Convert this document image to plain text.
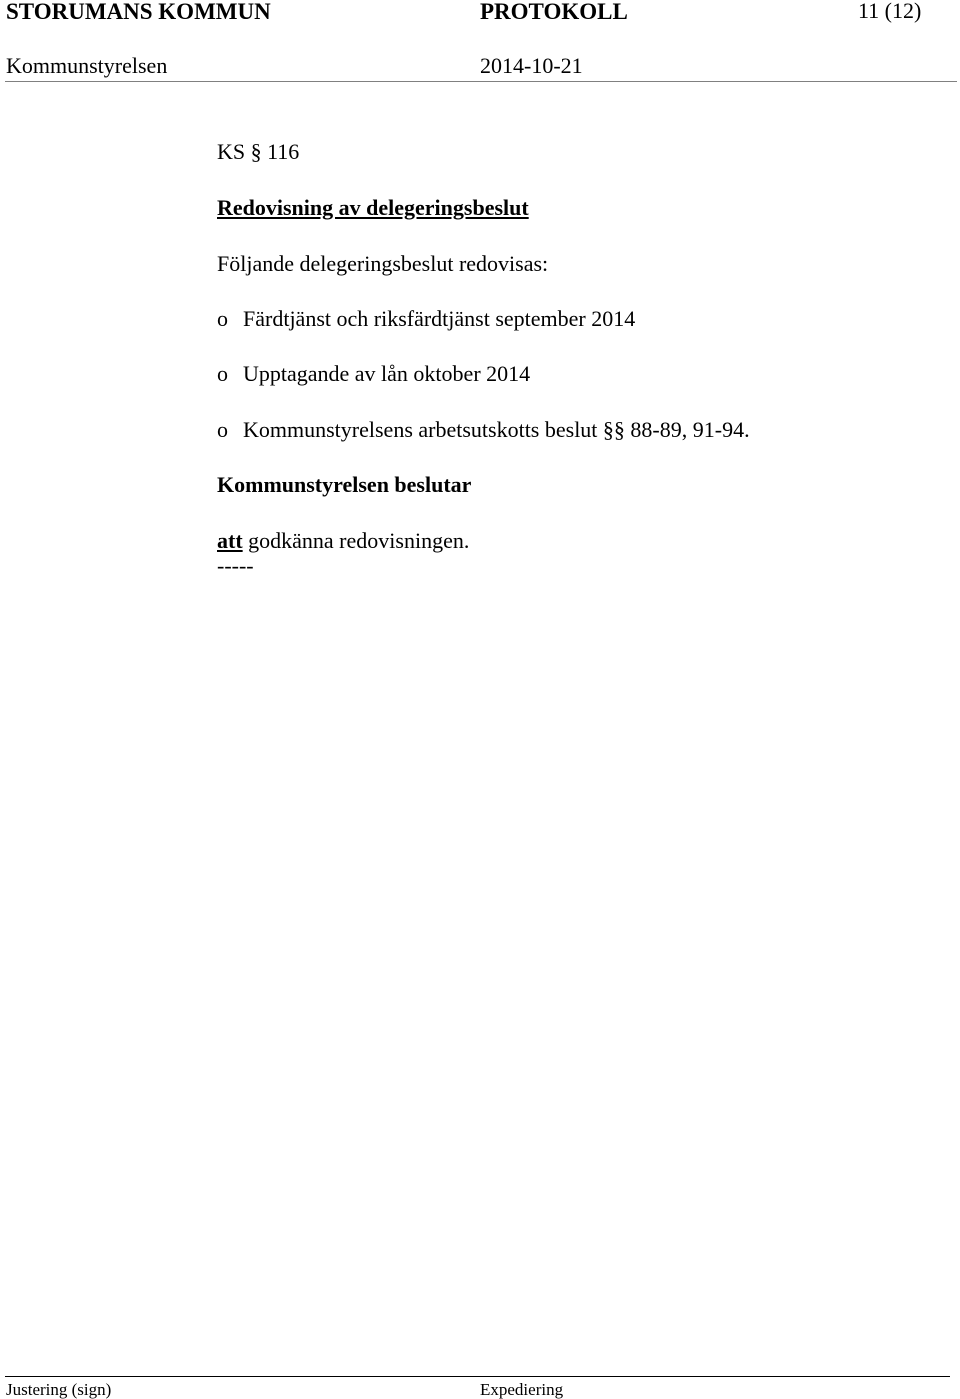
STORUMANS KOMMUN	PROTOKOLL	11 (12)
Kommunstyrelsen	2014-10-21
KS § 116
Redovisning av delegeringsbeslut
Följande delegeringsbeslut redovisas:
o Färdtjänst och riksfärdtjänst september 2014
o Upptagande av lån oktober 2014
o Kommunstyrelsens arbetsutskotts beslut §§ 88-89, 91-94.
Kommunstyrelsen beslutar
att godkänna redovisningen.
-----
Justering (sign)	Expediering
